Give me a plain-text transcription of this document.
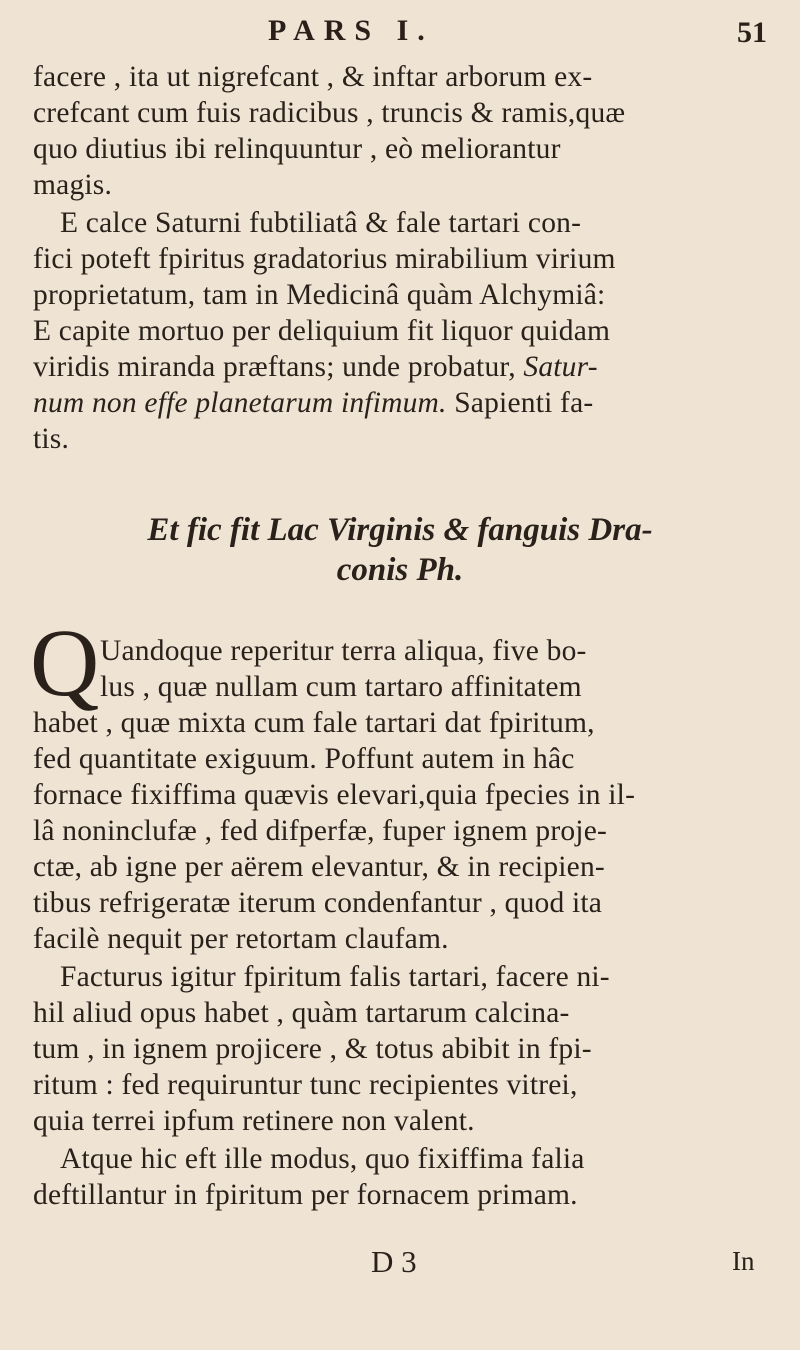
PARS I.	51

facere , ita ut nigrefcant , & inftar arborum ex-

crefcant cum fuis radicibus , truncis & ramis,quæ

quo diutius ibi relinquuntur , eò meliorantur

magis.

E calce Saturni fubtiliatâ & fale tartari con-

fici poteft fpiritus gradatorius mirabilium virium

proprietatum, tam in Medicinâ quàm Alchymiâ:

E capite mortuo per deliquium fit liquor quidam

viridis miranda præftans; unde probatur, Satur-

num non effe planetarum infimum. Sapienti fa-

tis.

Et fic fit Lac Virginis & fanguis Dra-
conis Ph.
Q Uandoque reperitur terra aliqua, five bo-

lus , quæ nullam cum tartaro affinitatem

habet , quæ mixta cum fale tartari dat fpiritum,

fed quantitate exiguum. Poffunt autem in hâc

fornace fixiffima quævis elevari,quia fpecies in il-

lâ noninclufæ , fed difperfæ, fuper ignem proje-

ctæ, ab igne per aërem elevantur, & in recipien-

tibus refrigeratæ iterum condenfantur , quod ita

facilè nequit per retortam claufam.

Facturus igitur fpiritum falis tartari, facere ni-

hil aliud opus habet , quàm tartarum calcina-

tum , in ignem projicere , & totus abibit in fpi-

ritum : fed requiruntur tunc recipientes vitrei,

quia terrei ipfum retinere non valent.

Atque hic eft ille modus, quo fixiffima falia

deftillantur in fpiritum per fornacem primam.

D 3	In
